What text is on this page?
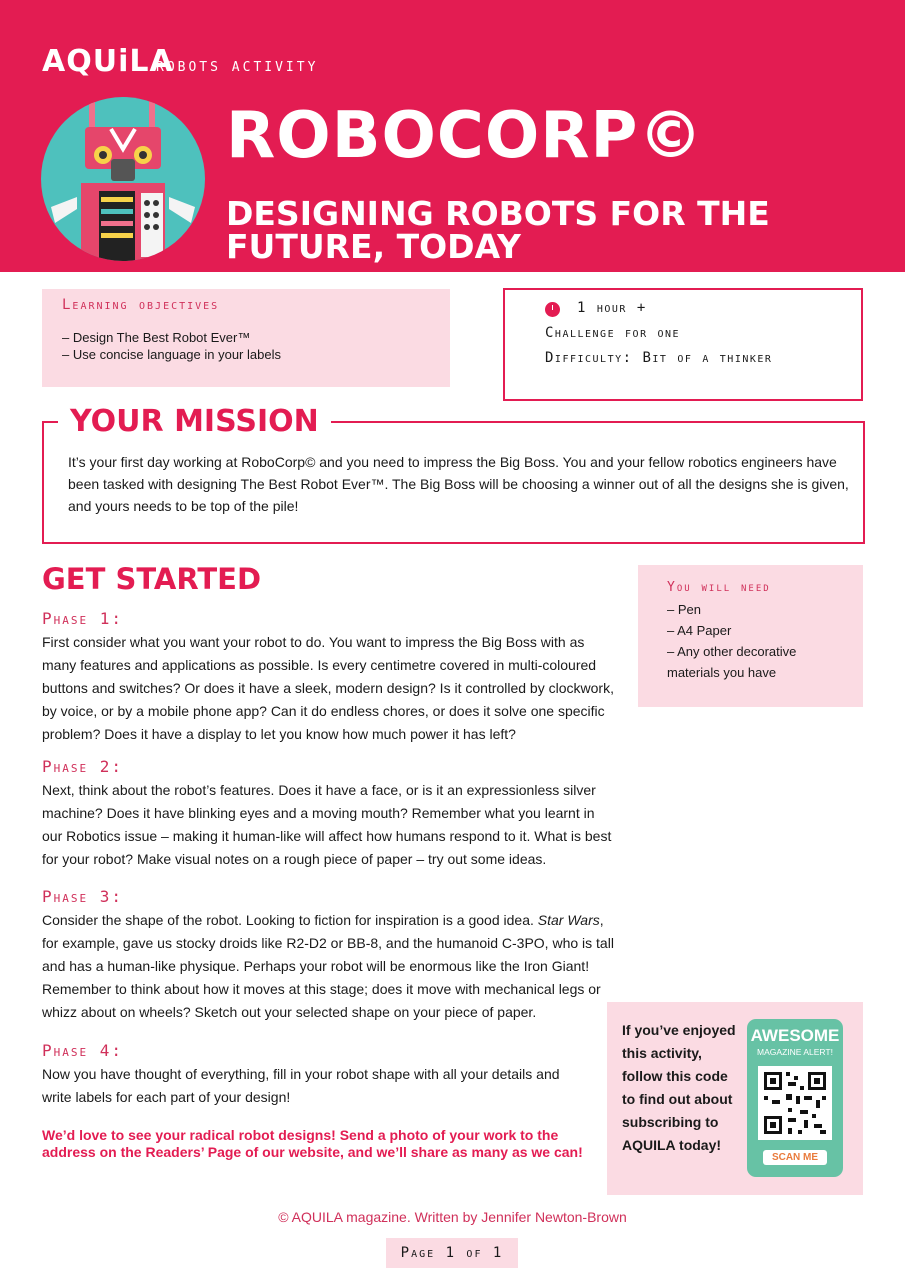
AQUiLA
ROBOTS ACTIVITY
ROBOCORP©
DESIGNING ROBOTS FOR THE FUTURE, TODAY
Learning objectives
– Design The Best Robot Ever™
– Use concise language in your labels
1 hour +
Challenge for one
Difficulty: Bit of a thinker
It’s your first day working at RoboCorp© and you need to impress the Big Boss. You and your fellow robotics engineers have been tasked with designing The Best Robot Ever™. The Big Boss will be choosing a winner out of all the designs she is given, and yours needs to be top of the pile!
YOUR MISSION
GET STARTED
Phase 1:

First consider what you want your robot to do. You want to impress the Big Boss with as many features and applications as possible. Is every centimetre covered in multi-coloured buttons and switches? Or does it have a sleek, modern design? Is it controlled by clockwork, by voice, or by a mobile phone app? Can it do endless chores, or does it solve one specific problem? Does it have a display to let you know how much power it has left?

Phase 2:

Next, think about the robot’s features. Does it have a face, or is it an expressionless silver machine? Does it have blinking eyes and a moving mouth? Remember what you learnt in our Robotics issue – making it human-like will affect how humans respond to it. What is best for your robot? Make visual notes on a rough piece of paper – try out some ideas.

Phase 3:

Consider the shape of the robot. Looking to fiction for inspiration is a good idea. Star Wars, for example, gave us stocky droids like R2-D2 or BB-8, and the humanoid C-3PO, who is tall and has a human-like physique. Perhaps your robot will be enormous like the Iron Giant! Remember to think about how it moves at this stage; does it move with mechanical legs or whizz about on wheels? Sketch out your selected shape on your piece of paper.

Phase 4:

Now you have thought of everything, fill in your robot shape with all your details and write labels for each part of your design!

You will need
– Pen
– A4 Paper
– Any other decorative materials you have
We’d love to see your radical robot designs! Send a photo of your work to the address on the Readers’ Page of our website, and we’ll share as many as we can!
If you’ve enjoyed this activity, follow this code to find out about subscribing to AQUILA today!
AWESOME
MAGAZINE ALERT!
SCAN ME
© AQUILA magazine. Written by Jennifer Newton-Brown
Page 1 of 1
